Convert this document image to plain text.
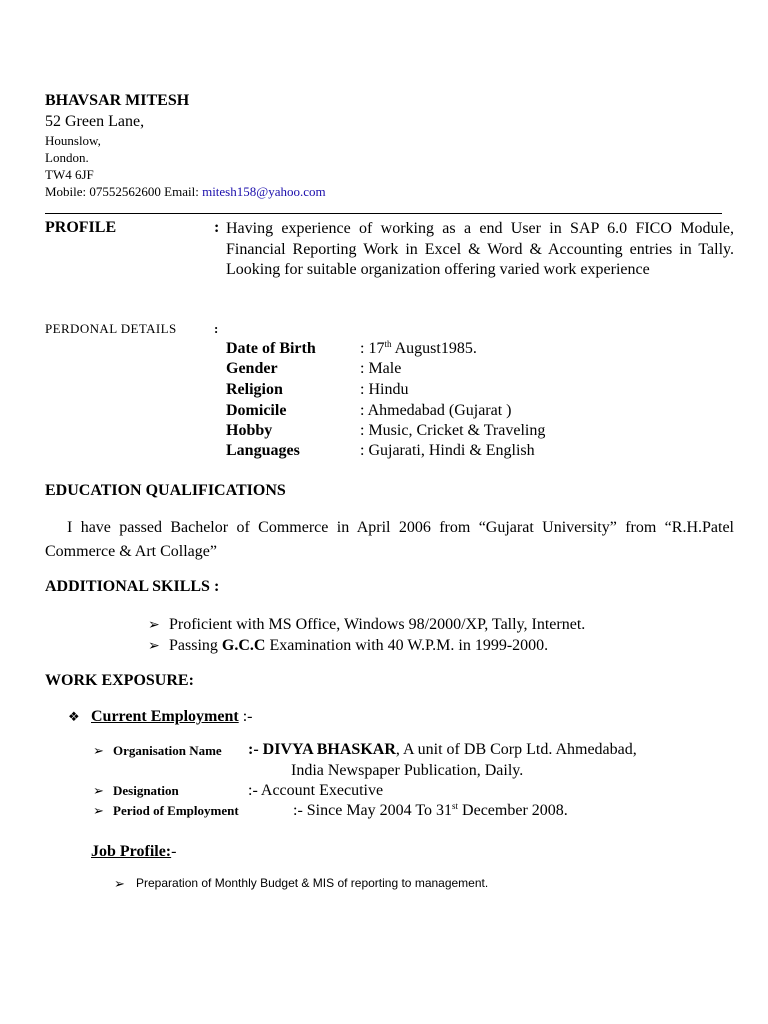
BHAVSAR MITESH
52 Green Lane,
Hounslow,
London.
TW4 6JF
Mobile: 07552562600 Email: mitesh158@yahoo.com
PROFILE	: Having experience of working as a end User in SAP 6.0 FICO Module, Financial Reporting Work in Excel & Word & Accounting entries in Tally. Looking for suitable organization offering varied work experience
PERDONAL DETAILS	:
Date of Birth	: 17th August1985.
Gender	: Male
Religion	: Hindu
Domicile	: Ahmedabad (Gujarat )
Hobby	: Music, Cricket & Traveling
Languages	: Gujarati, Hindi & English
EDUCATION QUALIFICATIONS
I have passed Bachelor of Commerce in April 2006 from “Gujarat University” from “R.H.Patel Commerce & Art Collage”
ADDITIONAL SKILLS :
➢ Proficient with MS Office, Windows 98/2000/XP, Tally, Internet.
➢ Passing G.C.C Examination with 40 W.P.M. in 1999-2000.
WORK EXPOSURE:
❖ Current Employment :-
➢ Organisation Name :- DIVYA BHASKAR, A unit of DB Corp Ltd. Ahmedabad,
India Newspaper Publication, Daily.
➢ Designation	:- Account Executive
➢ Period of Employment	:- Since May 2004 To 31st December 2008.
Job Profile:-
➢ Preparation of Monthly Budget & MIS of reporting to management.
